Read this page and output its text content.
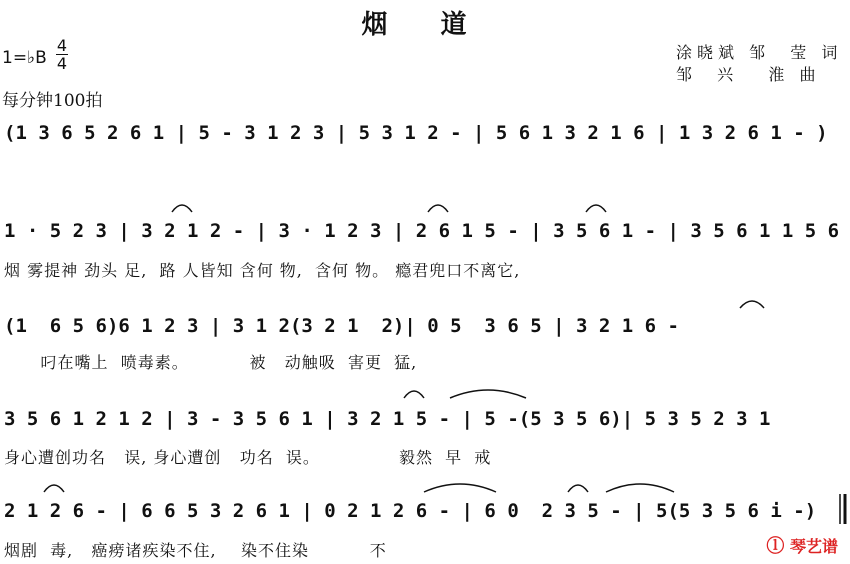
烟 道
1=♭B
4
4
每分钟100拍
涂晓斌 邹  莹 词
邹  兴   淮 曲
(1 3 6 5 2 6 1 | 5 - 3 1 2 3 | 5 3 1 2 - | 5 6 1 3 2 1 6 | 1 3 2 6 1 - )
1 · 5 2 3 | 3 2 1 2 - | 3 · 1 2 3 | 2 6 1 5 - | 3 5 6 1 - | 3 5 6 1 1 5 6
烟 雾提神 劲头 足,  路 人皆知 含何 物,  含何 物。 瘾君兜口不离它,
(1  6 5 6)6 1 2 3 | 3 1 2(3 2 1  2)| 0 5  3 6 5 | 3 2 1 6 -
叼在嘴上  喷毒素。          被   动触吸  害更  猛,
3 5 6 1 2 1 2 | 3 - 3 5 6 1 | 3 2 1 5 - | 5 -(5 3 5 6)| 5 3 5 2 3 1
身心遭创功名   误, 身心遭创   功名  误。             毅然  早  戒
2 1 2 6 - | 6 6 5 3 2 6 1 | 0 2 1 2 6 - | 6 0  2 3 5 - | 5(5 3 5 6 i -)
烟剧  毒,   癌痨诸疾染不住,    染不住染          不	ⓛ 琴艺谱
